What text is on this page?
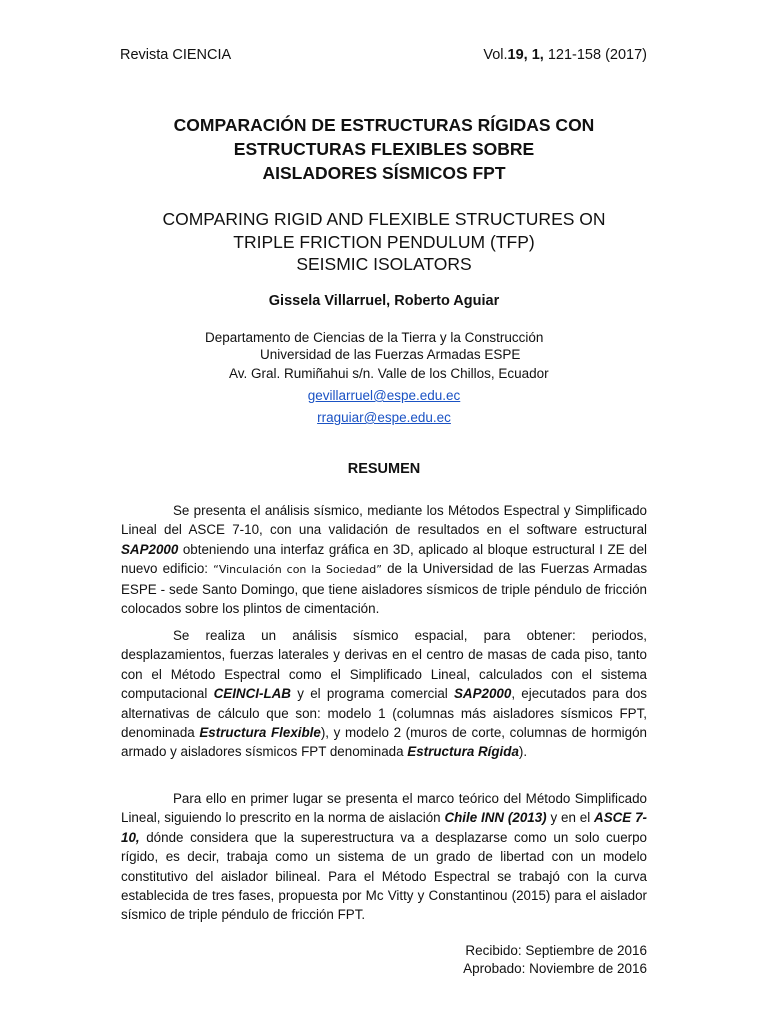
Revista CIENCIA	Vol.19, 1, 121-158 (2017)
COMPARACIÓN DE ESTRUCTURAS RÍGIDAS CON
ESTRUCTURAS FLEXIBLES SOBRE
AISLADORES SÍSMICOS FPT
COMPARING RIGID AND FLEXIBLE STRUCTURES ON
TRIPLE FRICTION PENDULUM (TFP)
SEISMIC ISOLATORS
Gissela Villarruel, Roberto Aguiar
Departamento de Ciencias de la Tierra y la Construcción
Universidad de las Fuerzas Armadas ESPE
Av. Gral. Rumiñahui s/n. Valle de los Chillos, Ecuador
gevillarruel@espe.edu.ec
rraguiar@espe.edu.ec
RESUMEN

Se presenta el análisis sísmico, mediante los Métodos Espectral y Simplificado Lineal del ASCE 7-10, con una validación de resultados en el software estructural SAP2000 obteniendo una interfaz gráfica en 3D, aplicado al bloque estructural I ZE del nuevo edificio: “Vinculación con la Sociedad” de la Universidad de las Fuerzas Armadas ESPE - sede Santo Domingo, que tiene aisladores sísmicos de triple péndulo de fricción colocados sobre los plintos de cimentación.

Se realiza un análisis sísmico espacial, para obtener: periodos, desplazamientos, fuerzas laterales y derivas en el centro de masas de cada piso, tanto con el Método Espectral como el Simplificado Lineal, calculados con el sistema computacional CEINCI-LAB y el programa comercial SAP2000, ejecutados para dos alternativas de cálculo que son: modelo 1 (columnas más aisladores sísmicos FPT, denominada Estructura Flexible), y modelo 2 (muros de corte, columnas de hormigón armado y aisladores sísmicos FPT denominada Estructura Rígida).

Para ello en primer lugar se presenta el marco teórico del Método Simplificado Lineal, siguiendo lo prescrito en la norma de aislación Chile INN (2013) y en el ASCE 7-10, dónde considera que la superestructura va a desplazarse como un solo cuerpo rígido, es decir, trabaja como un sistema de un grado de libertad con un modelo constitutivo del aislador bilineal. Para el Método Espectral se trabajó con la curva establecida de tres fases, propuesta por Mc Vitty y Constantinou (2015) para el aislador sísmico de triple péndulo de fricción FPT.

Recibido: Septiembre de 2016
Aprobado: Noviembre de 2016
